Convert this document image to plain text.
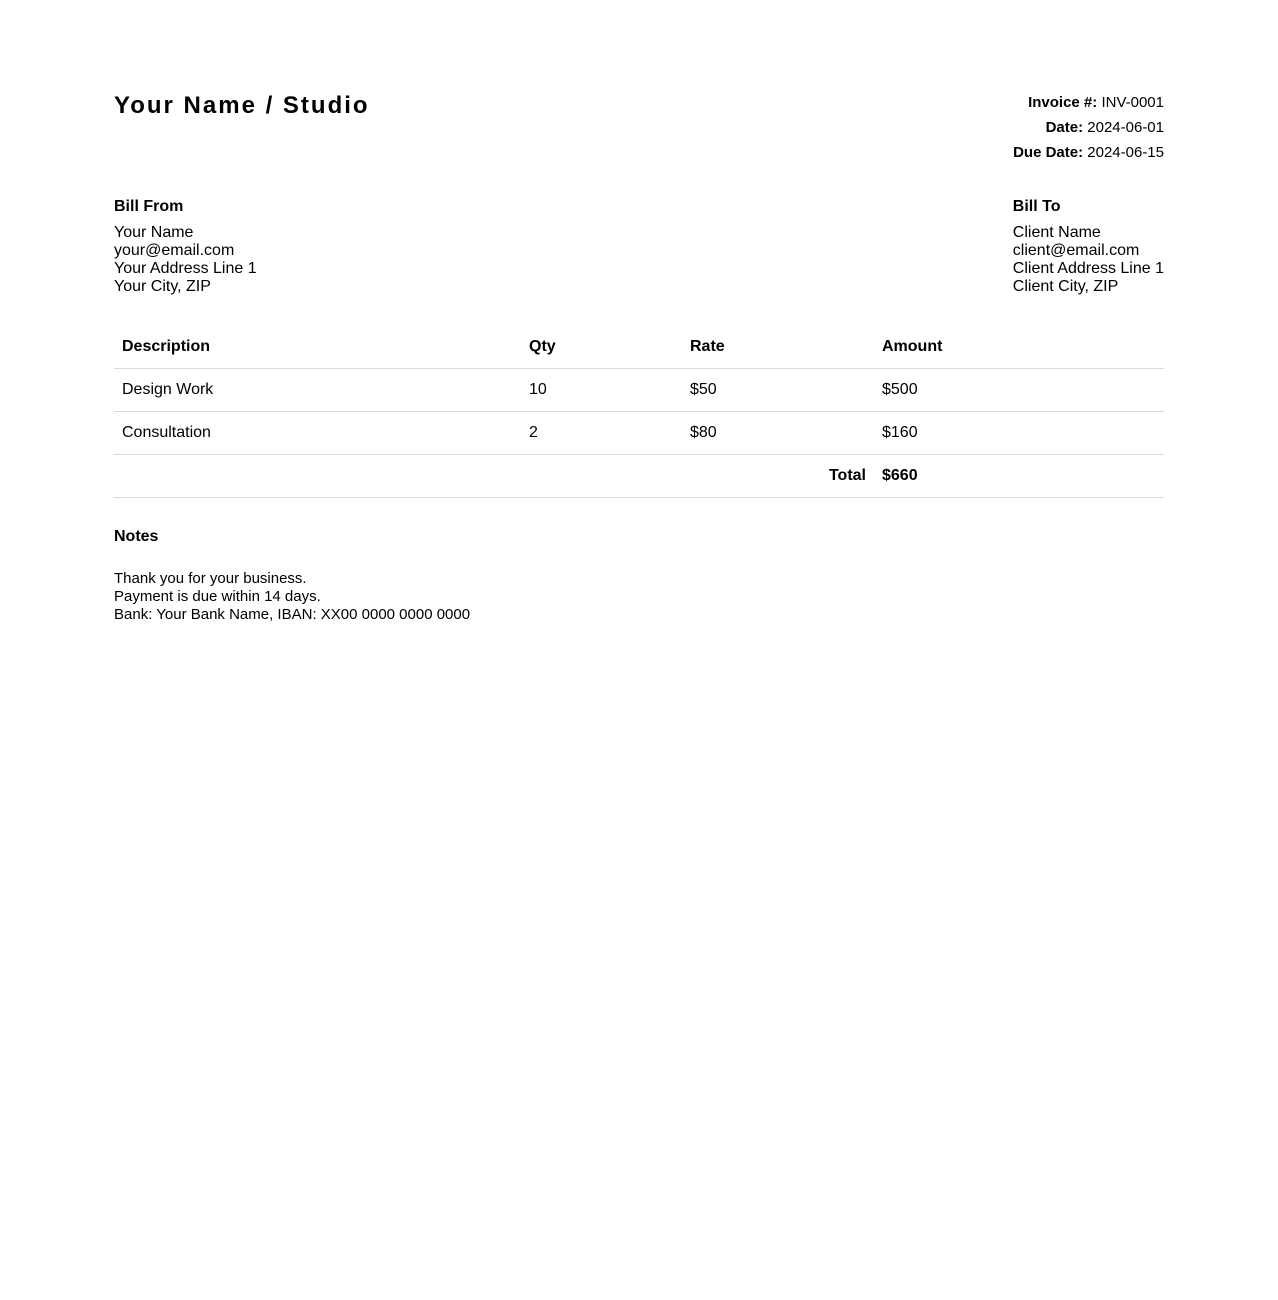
Your Name / Studio	Invoice #: INV-0001
Date: 2024-06-01
Due Date: 2024-06-15
Bill From
Your Name
your@email.com
Your Address Line 1
Your City, ZIP
Bill To
Client Name
client@email.com
Client Address Line 1
Client City, ZIP
Description	Qty	Rate	Amount
Design Work	10	$50	$500
Consultation	2	$80	$160
Total			$660
Notes
Thank you for your business.
Payment is due within 14 days.
Bank: Your Bank Name, IBAN: XX00 0000 0000 0000
